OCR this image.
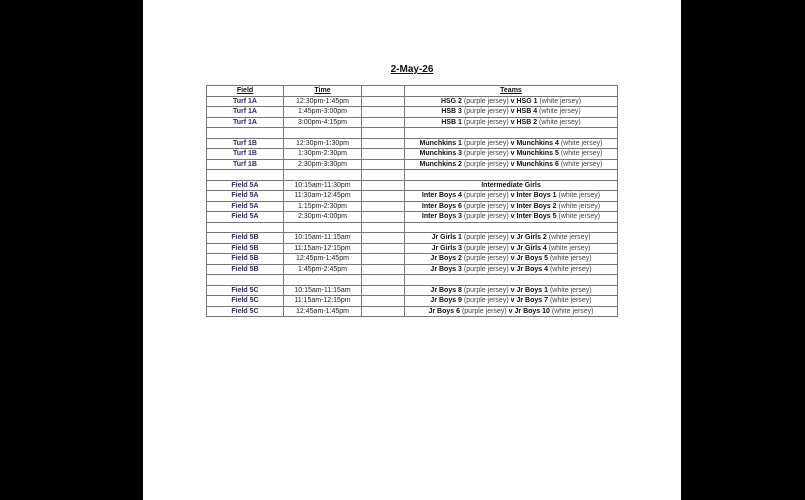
2-May-26
Field	Time		Teams
Turf 1A	12:30pm-1:45pm		HSG 2 (purple jersey) v HSG 1 (white jersey)
Turf 1A	1:45pm-3:00pm		HSB 3 (purple jersey) v HSB 4 (white jersey)
Turf 1A	3:00pm-4:15pm		HSB 1 (purple jersey) v HSB 2 (white jersey)

Turf 1B	12:30pm-1:30pm		Munchkins 1 (purple jersey) v Munchkins 4 (white jersey)
Turf 1B	1:30pm-2:30pm		Munchkins 3 (purple jersey) v Munchkins 5 (white jersey)
Turf 1B	2:30pm-3:30pm		Munchkins 2 (purple jersey) v Munchkins 6 (white jersey)

Field 5A	10:15am-11:30pm		Intermediate Girls
Field 5A	11:30am-12:45pm		Inter Boys 4 (purple jersey) v Inter Boys 1 (white jersey)
Field 5A	1:15pm-2:30pm		Inter Boys 6 (purple jersey) v Inter Boys 2 (white jersey)
Field 5A	2:30pm-4:00pm		Inter Boys 3 (purple jersey) v Inter Boys 5 (white jersey)

Field 5B	10:15am-11:15am		Jr Girls 1 (purple jersey) v Jr Girls 2 (white jersey)
Field 5B	11:15am-12:15pm		Jr Girls 3 (purple jersey) v Jr Girls 4 (white jersey)
Field 5B	12:45pm-1:45pm		Jr Boys 2 (purple jersey) v Jr Boys 5 (white jersey)
Field 5B	1:45pm-2:45pm		Jr Boys 3 (purple jersey) v Jr Boys 4 (white jersey)

Field 5C	10:15am-11:15am		Jr Boys 8 (purple jersey) v Jr Boys 1 (white jersey)
Field 5C	11:15am-12:15pm		Jr Boys 9 (purple jersey) v Jr Boys 7 (white jersey)
Field 5C	12:45am-1:45pm		Jr Boys 6 (purple jersey) v Jr Boys 10 (white jersey)
